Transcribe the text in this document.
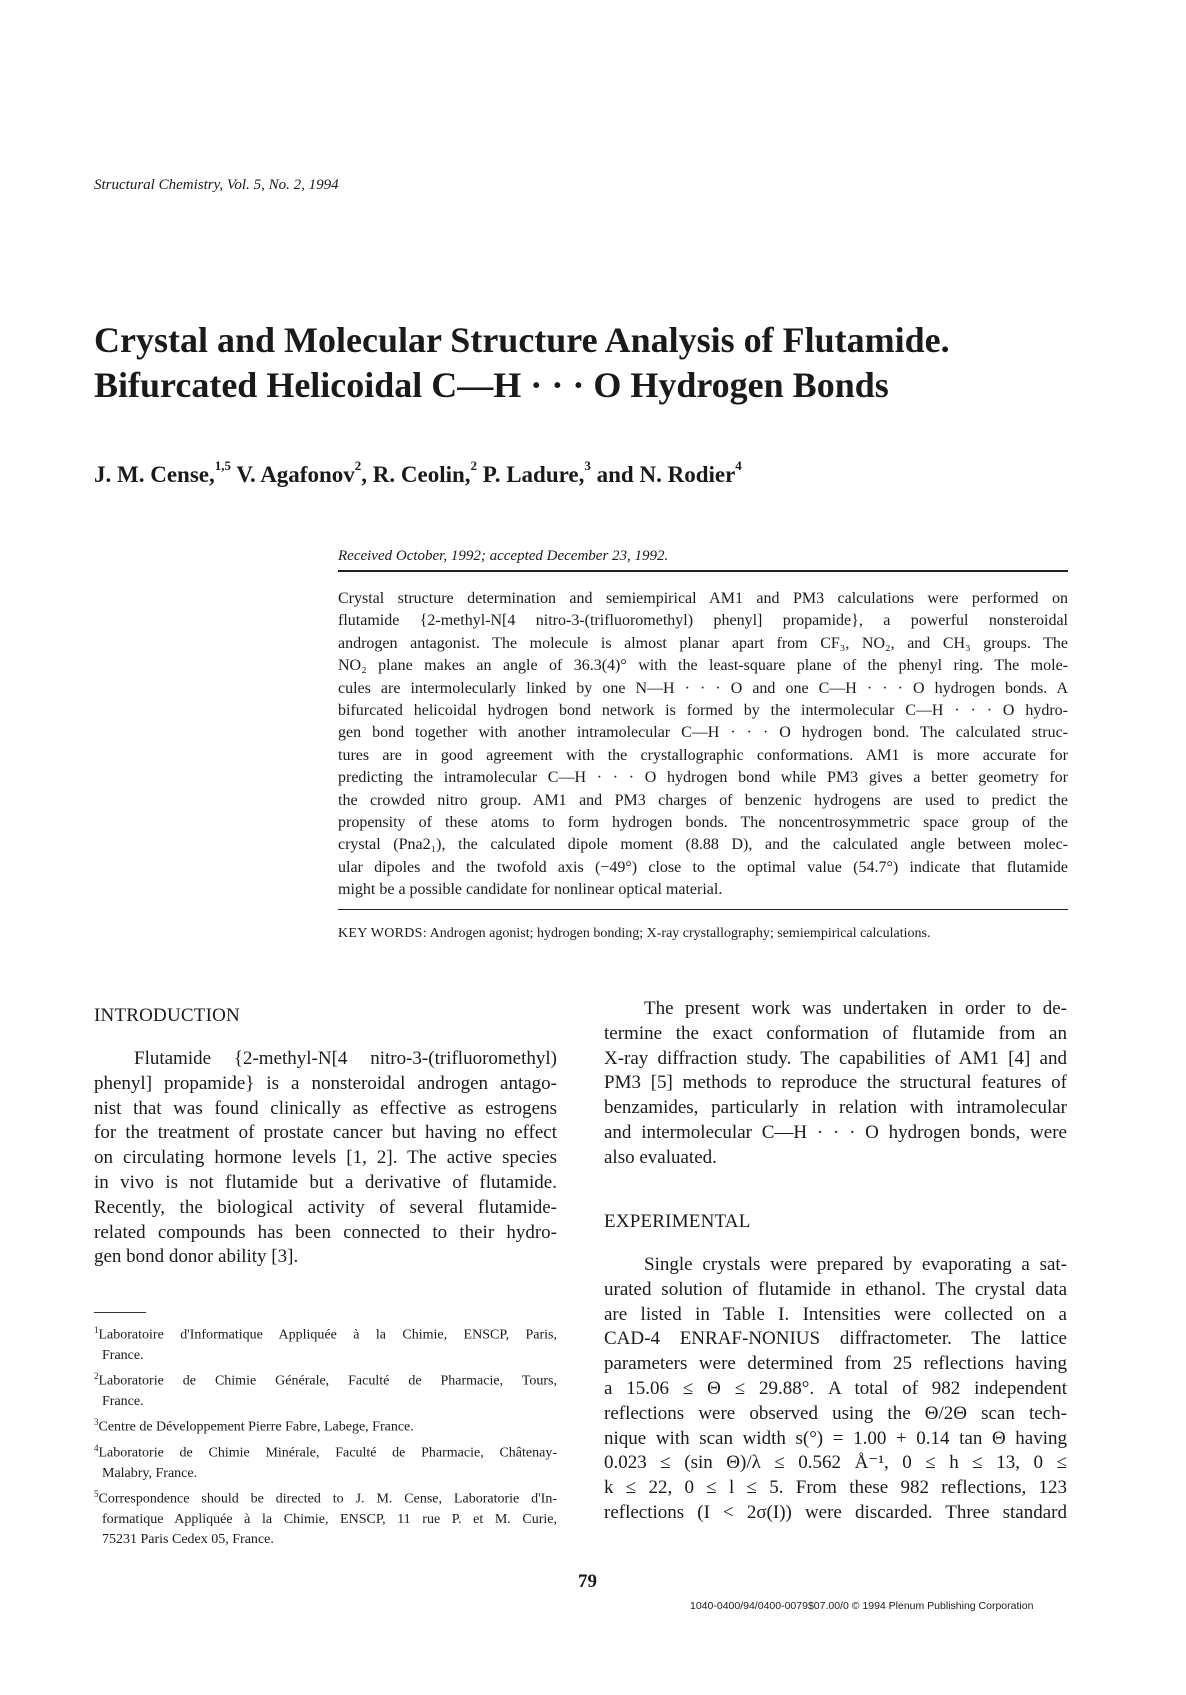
Structural Chemistry, Vol. 5, No. 2, 1994
Crystal and Molecular Structure Analysis of Flutamide.
Bifurcated Helicoidal C—H · · · O Hydrogen Bonds
J. M. Cense,$^{1,5}$ V. Agafonov$^2$, R. Ceolin,$^2$ P. Ladure,$^3$ and N. Rodier$^4$
Received October, 1992; accepted December 23, 1992.
Crystal structure determination and semiempirical AM1 and PM3 calculations were performed on
flutamide {2-methyl-N[4 nitro-3-(trifluoromethyl) phenyl] propamide}, a powerful nonsteroidal
androgen antagonist. The molecule is almost planar apart from CF₃, NO₂, and CH₃ groups. The
NO₂ plane makes an angle of 36.3(4)° with the least-square plane of the phenyl ring. The mole-
cules are intermolecularly linked by one N—H · · · O and one C—H · · · O hydrogen bonds. A
bifurcated helicoidal hydrogen bond network is formed by the intermolecular C—H · · · O hydro-
gen bond together with another intramolecular C—H · · · O hydrogen bond. The calculated struc-
tures are in good agreement with the crystallographic conformations. AM1 is more accurate for
predicting the intramolecular C—H · · · O hydrogen bond while PM3 gives a better geometry for
the crowded nitro group. AM1 and PM3 charges of benzenic hydrogens are used to predict the
propensity of these atoms to form hydrogen bonds. The noncentrosymmetric space group of the
crystal (Pna2₁), the calculated dipole moment (8.88 D), and the calculated angle between molec-
ular dipoles and the twofold axis (−49°) close to the optimal value (54.7°) indicate that flutamide
might be a possible candidate for nonlinear optical material.
KEY WORDS: Androgen agonist; hydrogen bonding; X-ray crystallography; semiempirical calculations.
INTRODUCTION
Flutamide {2-methyl-N[4 nitro-3-(trifluoromethyl)
phenyl] propamide} is a nonsteroidal androgen antago-
nist that was found clinically as effective as estrogens
for the treatment of prostate cancer but having no effect
on circulating hormone levels [1, 2]. The active species
in vivo is not flutamide but a derivative of flutamide.
Recently, the biological activity of several flutamide-
related compounds has been connected to their hydro-
gen bond donor ability [3].
$^1$Laboratoire d'Informatique Appliquée à la Chimie, ENSCP, Paris,
France.
$^2$Laboratorie de Chimie Générale, Faculté de Pharmacie, Tours,
France.
$^3$Centre de Développement Pierre Fabre, Labege, France.
$^4$Laboratorie de Chimie Minérale, Faculté de Pharmacie, Châtenay-
Malabry, France.
$^5$Correspondence should be directed to J. M. Cense, Laboratorie d'In-
formatique Appliquée à la Chimie, ENSCP, 11 rue P. et M. Curie,
75231 Paris Cedex 05, France.
The present work was undertaken in order to de-
termine the exact conformation of flutamide from an
X-ray diffraction study. The capabilities of AM1 [4] and
PM3 [5] methods to reproduce the structural features of
benzamides, particularly in relation with intramolecular
and intermolecular C—H · · · O hydrogen bonds, were
also evaluated.
EXPERIMENTAL
Single crystals were prepared by evaporating a sat-
urated solution of flutamide in ethanol. The crystal data
are listed in Table I. Intensities were collected on a
CAD-4 ENRAF-NONIUS diffractometer. The lattice
parameters were determined from 25 reflections having
a 15.06 ≤ Θ ≤ 29.88°. A total of 982 independent
reflections were observed using the Θ/2Θ scan tech-
nique with scan width s(°) = 1.00 + 0.14 tan Θ having
0.023 ≤ (sin Θ)/λ ≤ 0.562 Å⁻¹, 0 ≤ h ≤ 13, 0 ≤
k ≤ 22, 0 ≤ l ≤ 5. From these 982 reflections, 123
reflections (I < 2σ(I)) were discarded. Three standard
79
1040-0400/94/0400-0079$07.00/0 © 1994 Plenum Publishing Corporation
